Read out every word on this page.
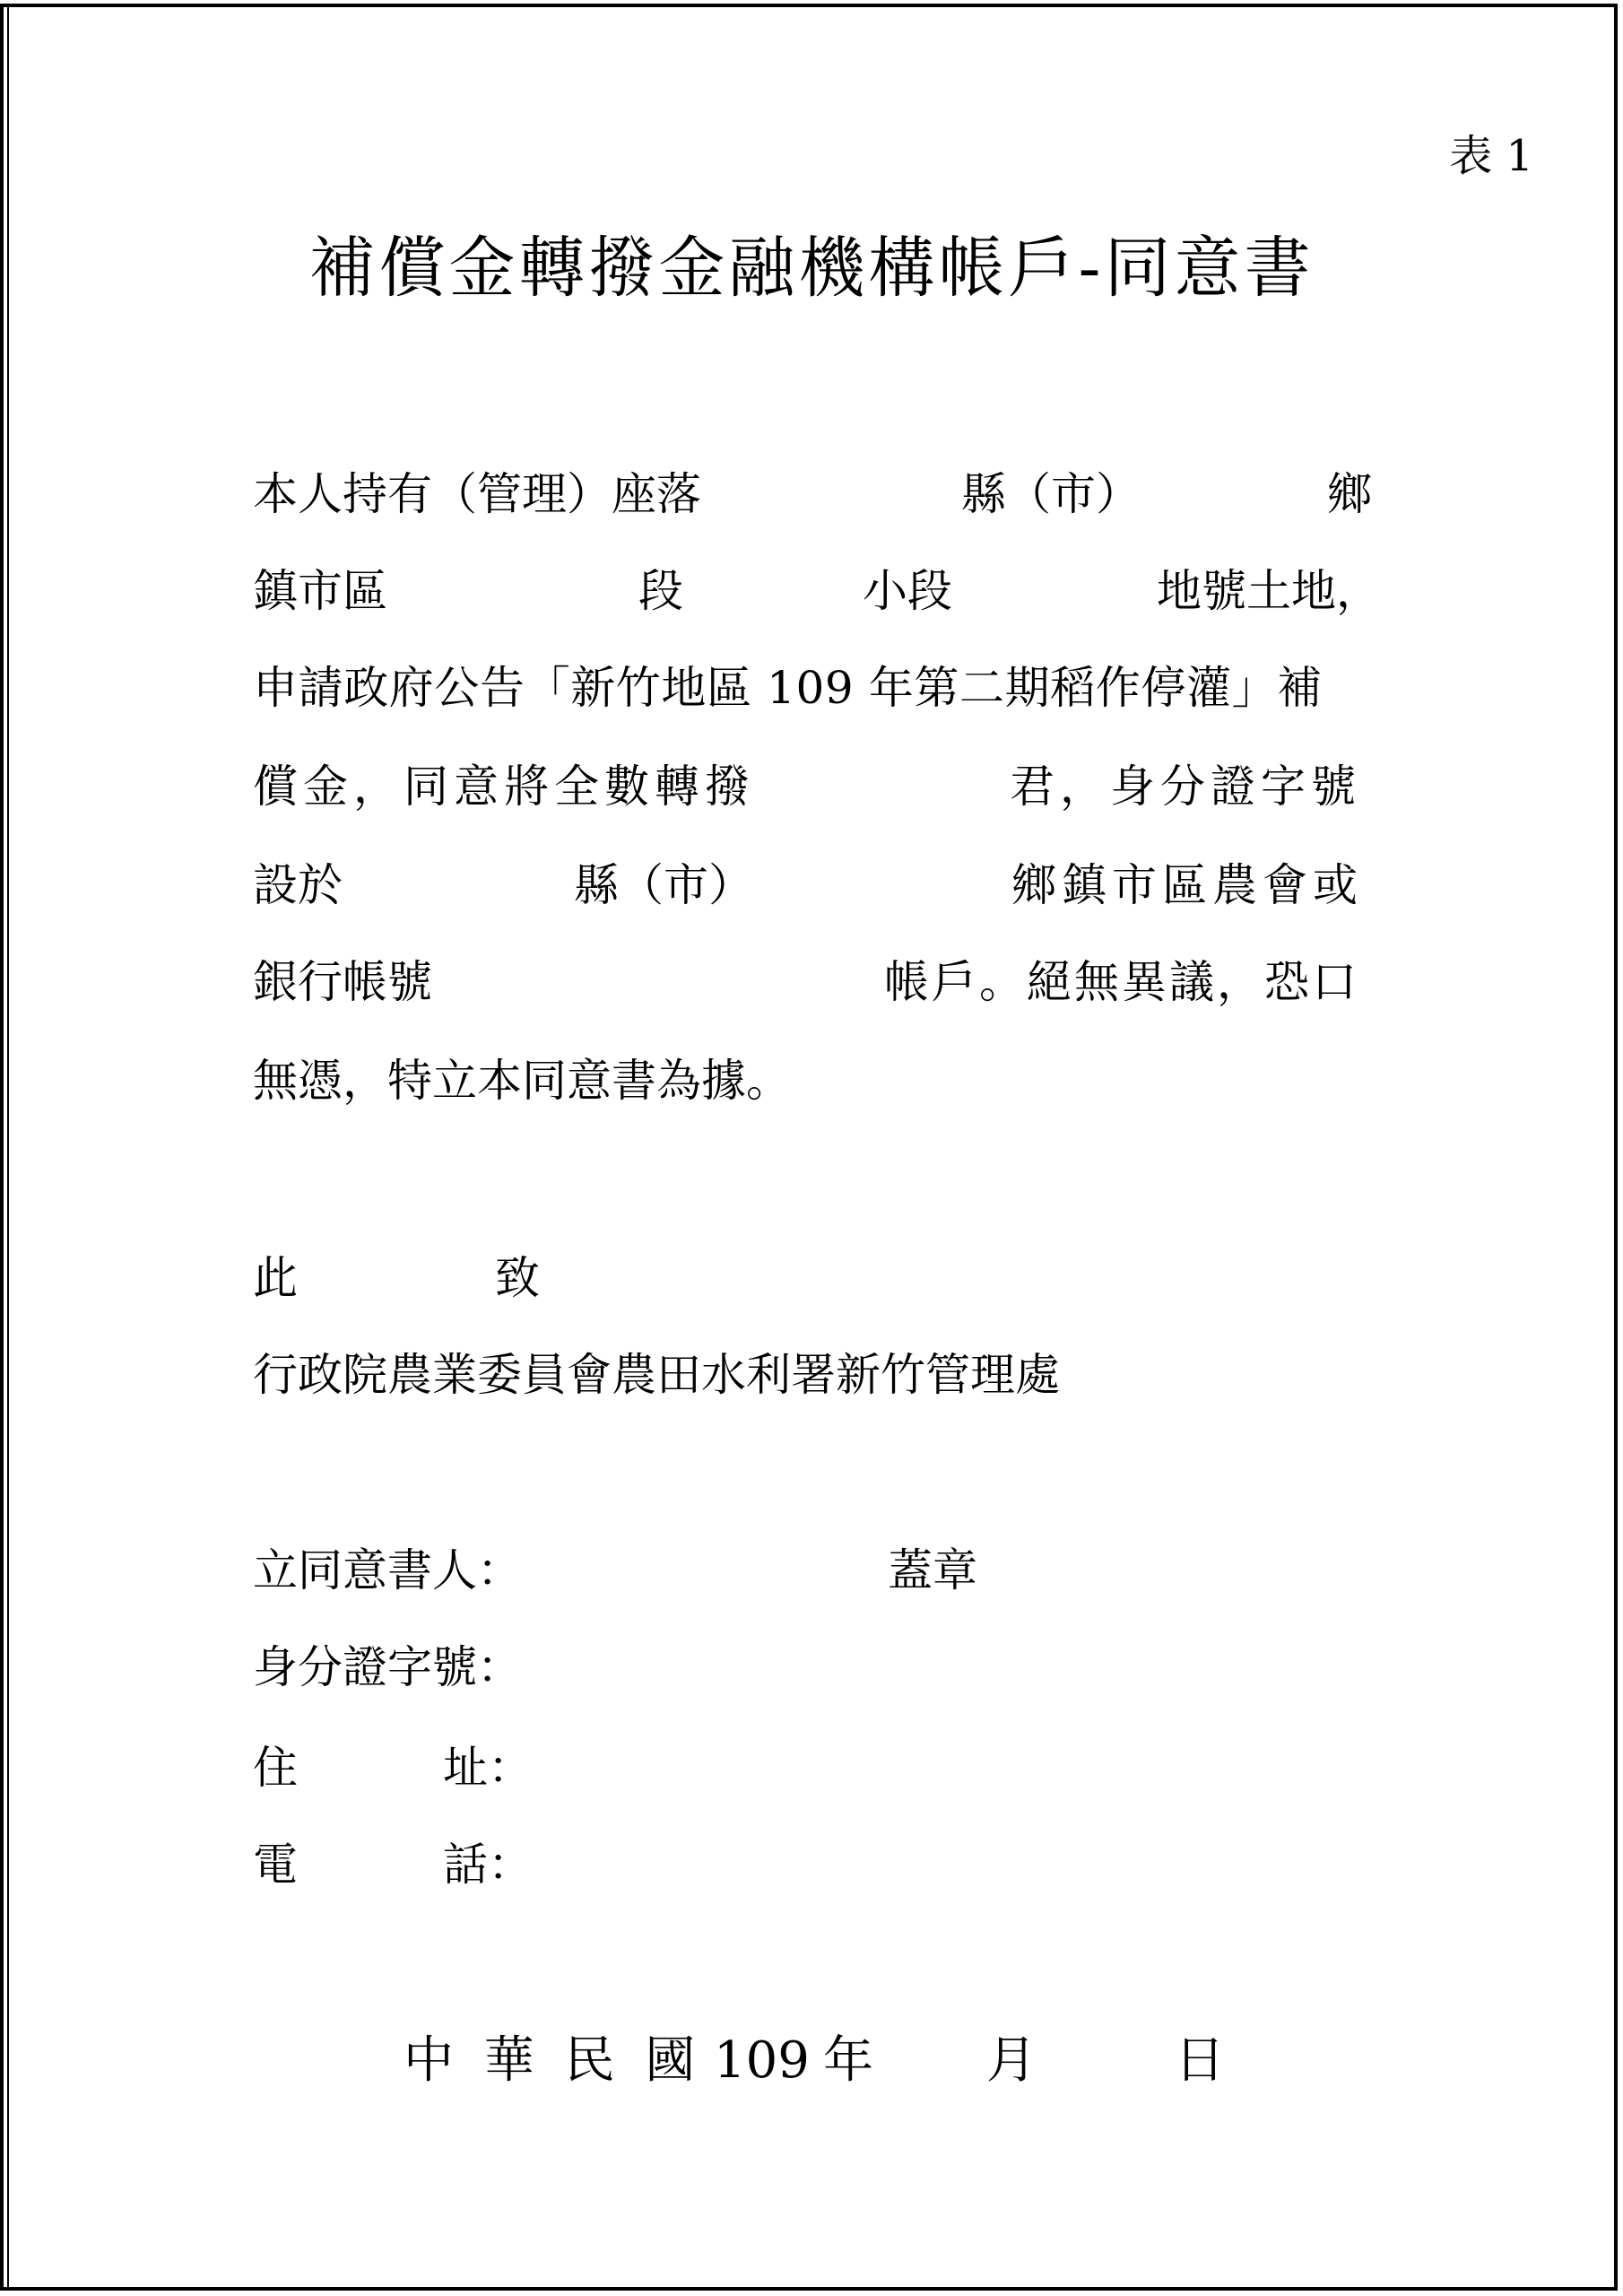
表 1
補償金轉撥金融機構帳戶-同意書
本人持有（管理）座落	縣（市）	鄉
鎮市區	段	小段	地號土地，
申請政府公告「新竹地區 109 年第二期稻作停灌」補
償金，同意將全數轉撥	君，身分證字號
設於	縣（市）	鄉鎮市區農會或
銀行帳號	帳戶。絕無異議，恐口
無憑，特立本同意書為據。
此	致
行政院農業委員會農田水利署新竹管理處
立同意書人：	蓋章
身分證字號：
住	址：
電	話：
中 華 民 國 109 年 月	日
